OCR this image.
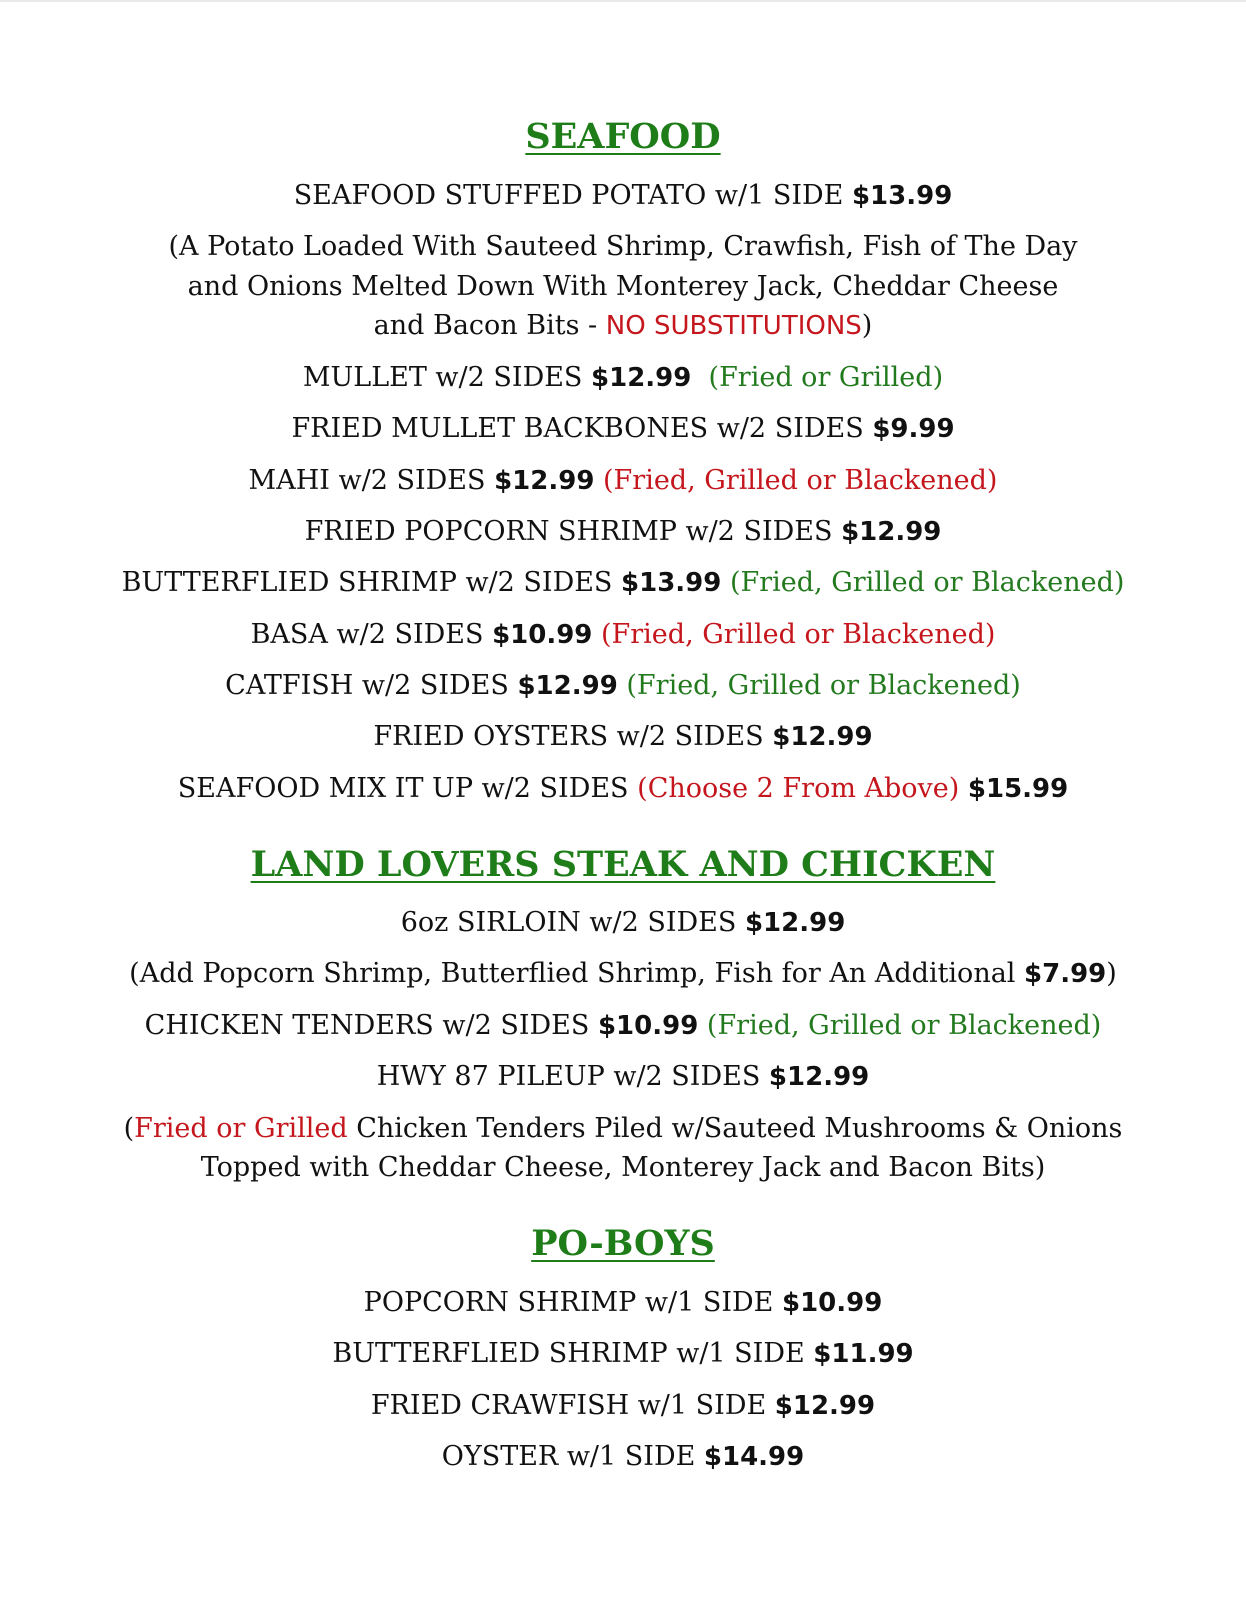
SEAFOOD
SEAFOOD STUFFED POTATO w/1 SIDE $13.99
(A Potato Loaded With Sauteed Shrimp, Crawfish, Fish of The Day
and Onions Melted Down With Monterey Jack, Cheddar Cheese
and Bacon Bits - NO SUBSTITUTIONS)
MULLET w/2 SIDES $12.99 (Fried or Grilled)
FRIED MULLET BACKBONES w/2 SIDES $9.99
MAHI w/2 SIDES $12.99 (Fried, Grilled or Blackened)
FRIED POPCORN SHRIMP w/2 SIDES $12.99
BUTTERFLIED SHRIMP w/2 SIDES $13.99 (Fried, Grilled or Blackened)
BASA w/2 SIDES $10.99 (Fried, Grilled or Blackened)
CATFISH w/2 SIDES $12.99 (Fried, Grilled or Blackened)
FRIED OYSTERS w/2 SIDES $12.99
SEAFOOD MIX IT UP w/2 SIDES (Choose 2 From Above) $15.99
LAND LOVERS STEAK AND CHICKEN
6oz SIRLOIN w/2 SIDES $12.99
(Add Popcorn Shrimp, Butterflied Shrimp, Fish for An Additional $7.99)
CHICKEN TENDERS w/2 SIDES $10.99 (Fried, Grilled or Blackened)
HWY 87 PILEUP w/2 SIDES $12.99
(Fried or Grilled Chicken Tenders Piled w/Sauteed Mushrooms & Onions
Topped with Cheddar Cheese, Monterey Jack and Bacon Bits)
PO-BOYS
POPCORN SHRIMP w/1 SIDE $10.99
BUTTERFLIED SHRIMP w/1 SIDE $11.99
FRIED CRAWFISH w/1 SIDE $12.99
OYSTER w/1 SIDE $14.99
